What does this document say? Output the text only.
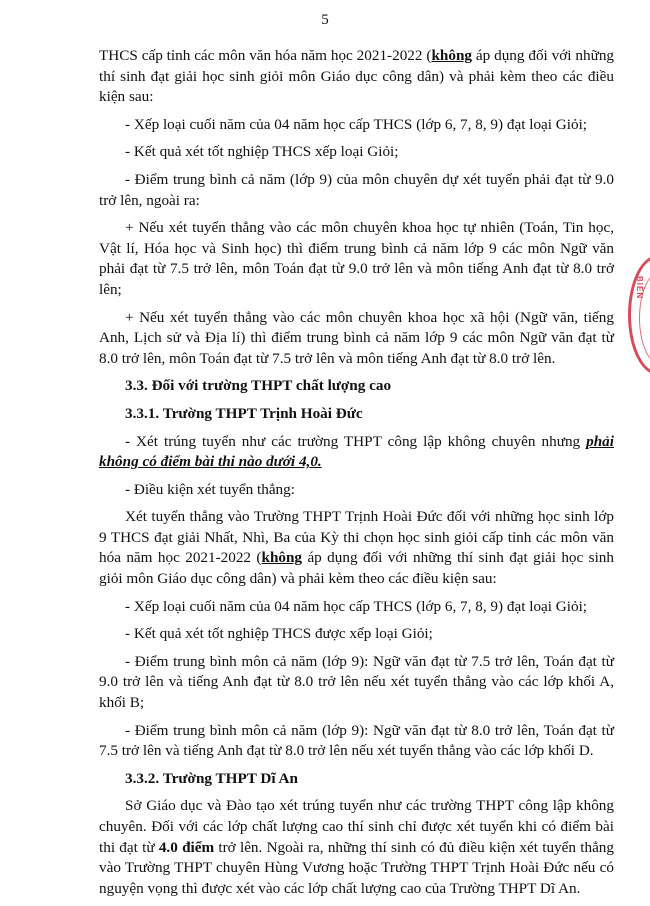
5

THCS cấp tỉnh các môn văn hóa năm học 2021-2022 (không áp dụng đối với những thí sinh đạt giải học sinh giỏi môn Giáo dục công dân) và phải kèm theo các điều kiện sau:

- Xếp loại cuối năm của 04 năm học cấp THCS (lớp 6, 7, 8, 9) đạt loại Giỏi;

- Kết quả xét tốt nghiệp THCS xếp loại Giỏi;

- Điểm trung bình cả năm (lớp 9) của môn chuyên dự xét tuyển phải đạt từ 9.0 trở lên, ngoài ra:

+ Nếu xét tuyển thẳng vào các môn chuyên khoa học tự nhiên (Toán, Tin học, Vật lí, Hóa học và Sinh học) thì điểm trung bình cả năm lớp 9 các môn Ngữ văn phải đạt từ 7.5 trở lên, môn Toán đạt từ 9.0 trở lên và môn tiếng Anh đạt từ 8.0 trở lên;

+ Nếu xét tuyển thẳng vào các môn chuyên khoa học xã hội (Ngữ văn, tiếng Anh, Lịch sử và Địa lí) thì điểm trung bình cả năm lớp 9 các môn Ngữ văn đạt từ 8.0 trở lên, môn Toán đạt từ 7.5 trở lên và môn tiếng Anh đạt từ 8.0 trở lên.

3.3. Đối với trường THPT chất lượng cao
3.3.1. Trường THPT Trịnh Hoài Đức

- Xét trúng tuyển như các trường THPT công lập không chuyên nhưng phải không có điểm bài thi nào dưới 4,0.

- Điều kiện xét tuyển thẳng:

Xét tuyển thẳng vào Trường THPT Trịnh Hoài Đức đối với những học sinh lớp 9 THCS đạt giải Nhất, Nhì, Ba của Kỳ thi chọn học sinh giỏi cấp tỉnh các môn văn hóa năm học 2021-2022 (không áp dụng đối với những thí sinh đạt giải học sinh giỏi môn Giáo dục công dân) và phải kèm theo các điều kiện sau:

- Xếp loại cuối năm của 04 năm học cấp THCS (lớp 6, 7, 8, 9) đạt loại Giỏi;

- Kết quả xét tốt nghiệp THCS được xếp loại Giỏi;

- Điểm trung bình môn cả năm (lớp 9): Ngữ văn đạt từ 7.5 trở lên, Toán đạt từ 9.0 trở lên và tiếng Anh đạt từ 8.0 trở lên nếu xét tuyển thẳng vào các lớp khối A, khối B;

- Điểm trung bình môn cả năm (lớp 9): Ngữ văn đạt từ 8.0 trở lên, Toán đạt từ 7.5 trở lên và tiếng Anh đạt từ 8.0 trở lên nếu xét tuyển thẳng vào các lớp khối D.

3.3.2. Trường THPT Dĩ An

Sở Giáo dục và Đào tạo xét trúng tuyển như các trường THPT công lập không chuyên. Đối với các lớp chất lượng cao thí sinh chỉ được xét tuyển khi có điểm bài thi đạt từ 4.0 điểm trở lên. Ngoài ra, những thí sinh có đủ điều kiện xét tuyển thẳng vào Trường THPT chuyên Hùng Vương hoặc Trường THPT Trịnh Hoài Đức nếu có nguyện vọng thì được xét vào các lớp chất lượng cao của Trường THPT Dĩ An.

BIÊN
